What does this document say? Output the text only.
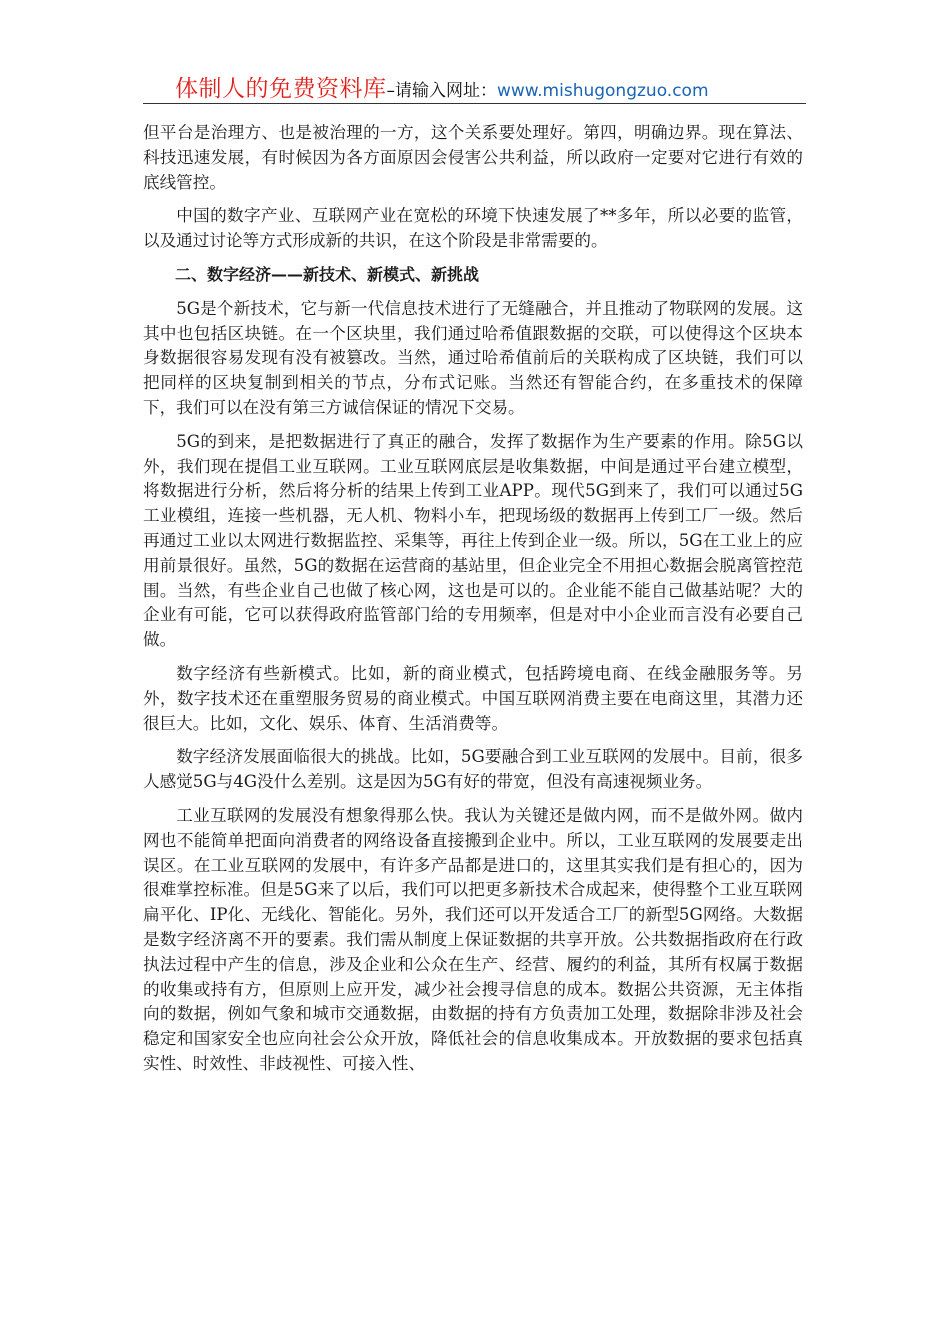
体制人的免费资料库–请输入网址：www.mishugongzuo.com

但平台是治理方、也是被治理的一方，这个关系要处理好。第四，明确边界。现在算法、科技迅速发展，有时候因为各方面原因会侵害公共利益，所以政府一定要对它进行有效的底线管控。

中国的数字产业、互联网产业在宽松的环境下快速发展了**多年，所以必要的监管，以及通过讨论等方式形成新的共识，在这个阶段是非常需要的。

二、数字经济——新技术、新模式、新挑战

5G是个新技术，它与新一代信息技术进行了无缝融合，并且推动了物联网的发展。这其中也包括区块链。在一个区块里，我们通过哈希值跟数据的交联，可以使得这个区块本身数据很容易发现有没有被篡改。当然，通过哈希值前后的关联构成了区块链，我们可以把同样的区块复制到相关的节点，分布式记账。当然还有智能合约，在多重技术的保障下，我们可以在没有第三方诚信保证的情况下交易。

5G的到来，是把数据进行了真正的融合，发挥了数据作为生产要素的作用。除5G以外，我们现在提倡工业互联网。工业互联网底层是收集数据，中间是通过平台建立模型，将数据进行分析，然后将分析的结果上传到工业APP。现代5G到来了，我们可以通过5G工业模组，连接一些机器，无人机、物料小车，把现场级的数据再上传到工厂一级。然后再通过工业以太网进行数据监控、采集等，再往上传到企业一级。所以，5G在工业上的应用前景很好。虽然，5G的数据在运营商的基站里，但企业完全不用担心数据会脱离管控范围。当然，有些企业自己也做了核心网，这也是可以的。企业能不能自己做基站呢？大的企业有可能，它可以获得政府监管部门给的专用频率，但是对中小企业而言没有必要自己做。

数字经济有些新模式。比如，新的商业模式，包括跨境电商、在线金融服务等。另外，数字技术还在重塑服务贸易的商业模式。中国互联网消费主要在电商这里，其潜力还很巨大。比如，文化、娱乐、体育、生活消费等。

数字经济发展面临很大的挑战。比如，5G要融合到工业互联网的发展中。目前，很多人感觉5G与4G没什么差别。这是因为5G有好的带宽，但没有高速视频业务。

工业互联网的发展没有想象得那么快。我认为关键还是做内网，而不是做外网。做内网也不能简单把面向消费者的网络设备直接搬到企业中。所以，工业互联网的发展要走出误区。在工业互联网的发展中，有许多产品都是进口的，这里其实我们是有担心的，因为很难掌控标准。但是5G来了以后，我们可以把更多新技术合成起来，使得整个工业互联网扁平化、IP化、无线化、智能化。另外，我们还可以开发适合工厂的新型5G网络。大数据是数字经济离不开的要素。我们需从制度上保证数据的共享开放。公共数据指政府在行政执法过程中产生的信息，涉及企业和公众在生产、经营、履约的利益，其所有权属于数据的收集或持有方，但原则上应开发，减少社会搜寻信息的成本。数据公共资源，无主体指向的数据，例如气象和城市交通数据，由数据的持有方负责加工处理，数据除非涉及社会稳定和国家安全也应向社会公众开放，降低社会的信息收集成本。开放数据的要求包括真实性、时效性、非歧视性、可接入性、
